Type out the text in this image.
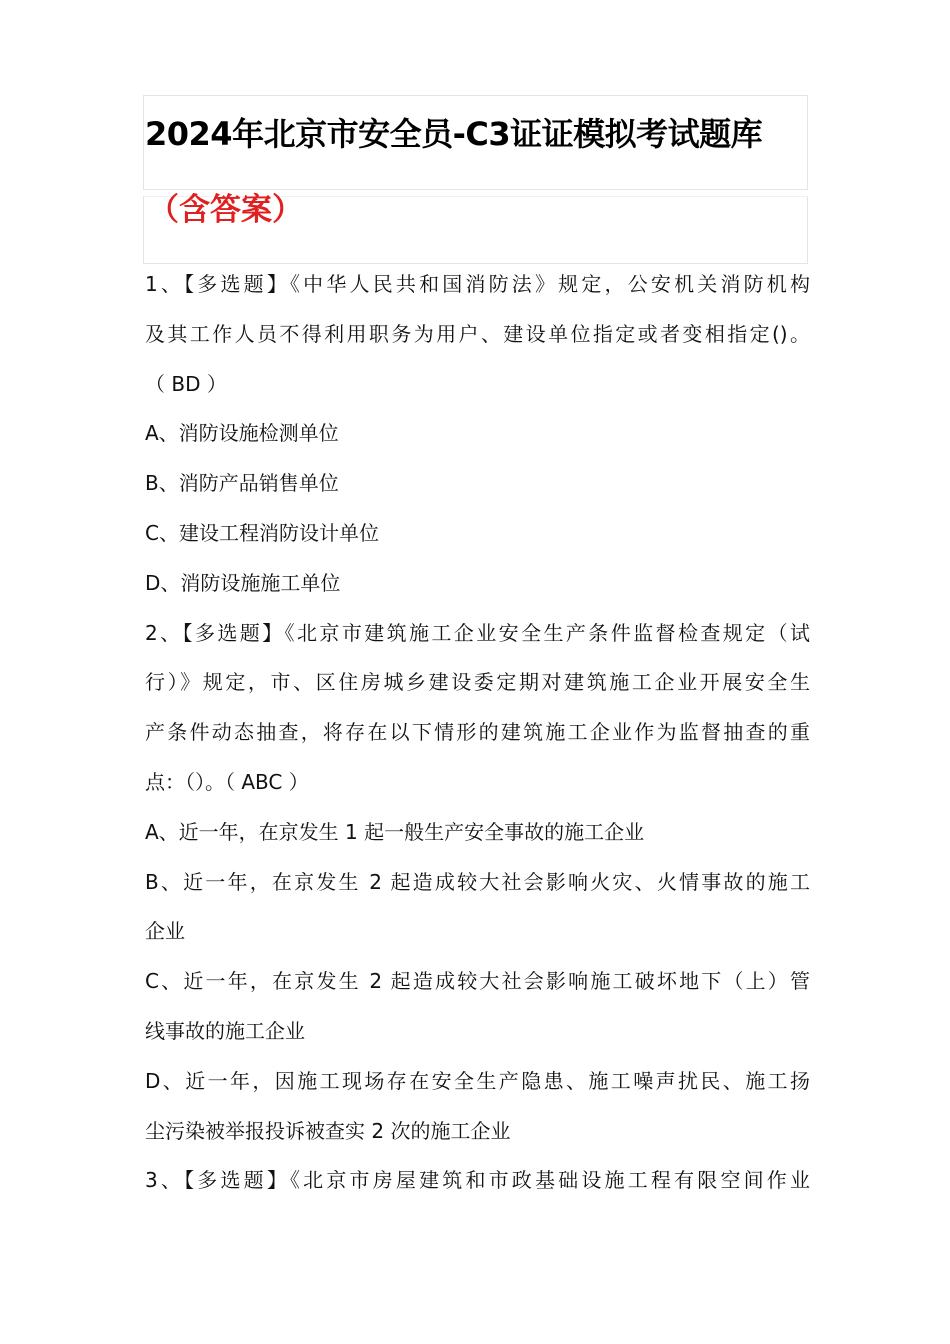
2024年北京市安全员-C3证证模拟考试题库
（含答案）
1、【多选题】《中华人民共和国消防法》规定，公安机关消防机构
及其工作人员不得利用职务为用户、建设单位指定或者变相指定()。
（ BD ）
A、消防设施检测单位
B、消防产品销售单位
C、建设工程消防设计单位
D、消防设施施工单位
2、【多选题】《北京市建筑施工企业安全生产条件监督检查规定（试
行）》规定，市、区住房城乡建设委定期对建筑施工企业开展安全生
产条件动态抽查，将存在以下情形的建筑施工企业作为监督抽查的重
点：（）。（ ABC ）
A、近一年，在京发生 1 起一般生产安全事故的施工企业
B、近一年，在京发生 2 起造成较大社会影响火灾、火情事故的施工
企业
C、近一年，在京发生 2 起造成较大社会影响施工破坏地下（上）管
线事故的施工企业
D、近一年，因施工现场存在安全生产隐患、施工噪声扰民、施工扬
尘污染被举报投诉被查实 2 次的施工企业
3、【多选题】《北京市房屋建筑和市政基础设施工程有限空间作业
